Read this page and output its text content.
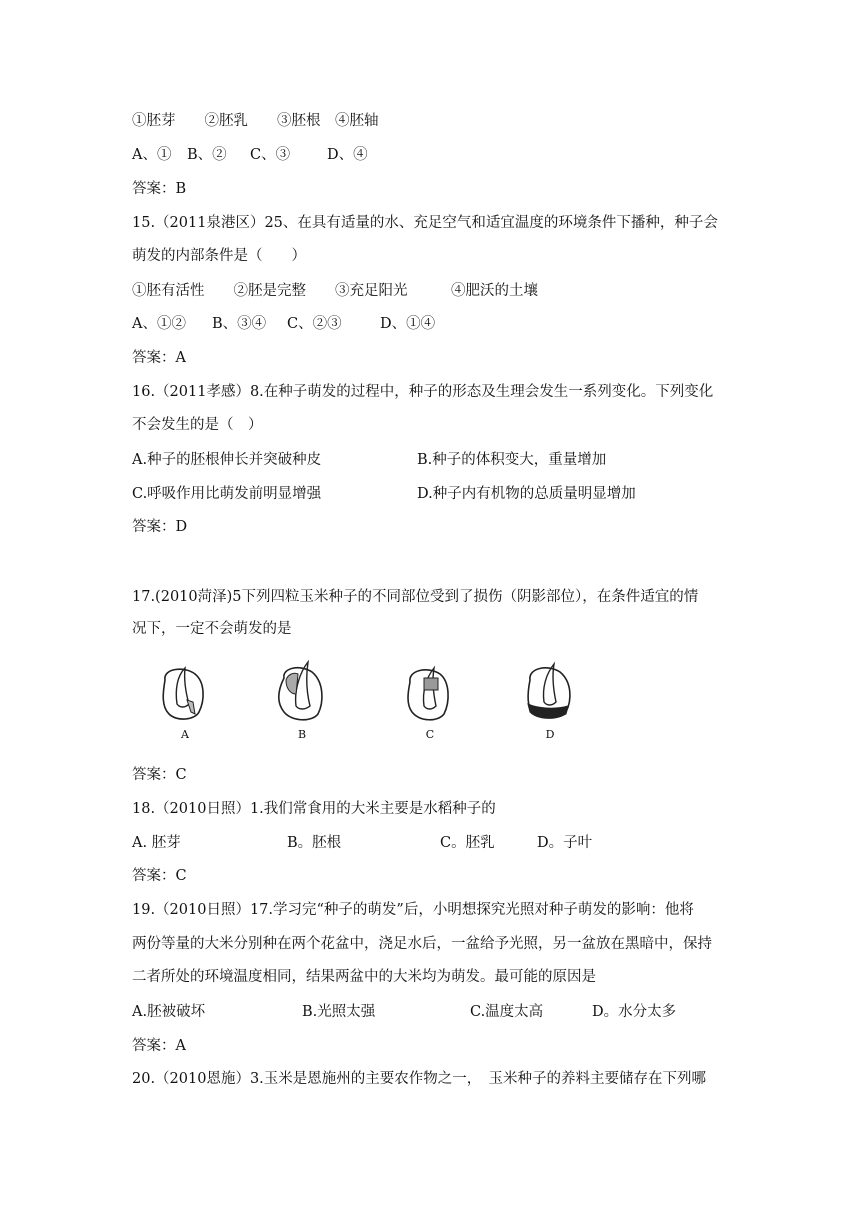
①胚芽　　②胚乳　　③胚根　④胚轴
A、① B、② C、③	D、④
答案：B
15.（2011泉港区）25、在具有适量的水、充足空气和适宜温度的环境条件下播种，种子会
萌发的内部条件是（　　）
①胚有活性　　②胚是完整　　③充足阳光　　　④肥沃的土壤
A、①② B、③④ C、②③	D、①④
答案：A
16.（2011孝感）8.在种子萌发的过程中，种子的形态及生理会发生一系列变化。下列变化
不会发生的是（　）
A.种子的胚根伸长并突破种皮	B.种子的体积变大，重量增加
C.呼吸作用比萌发前明显增强	D.种子内有机物的总质量明显增加
答案：D
17.(2010菏泽)5下列四粒玉米种子的不同部位受到了损伤（阴影部位），在条件适宜的情
况下，一定不会萌发的是
A	B	C	D
答案：C
18.（2010日照）1.我们常食用的大米主要是水稻种子的
A. 胚芽	B。胚根	C。胚乳	D。子叶
答案：C
19.（2010日照）17.学习完“种子的萌发”后，小明想探究光照对种子萌发的影响：他将
两份等量的大米分别种在两个花盆中，浇足水后，一盆给予光照，另一盆放在黑暗中，保持
二者所处的环境温度相同，结果两盆中的大米均为萌发。最可能的原因是
A.胚被破坏	B.光照太强	C.温度太高	D。水分太多
答案：A
20.（2010恩施）3.玉米是恩施州的主要农作物之一，　玉米种子的养料主要储存在下列哪
